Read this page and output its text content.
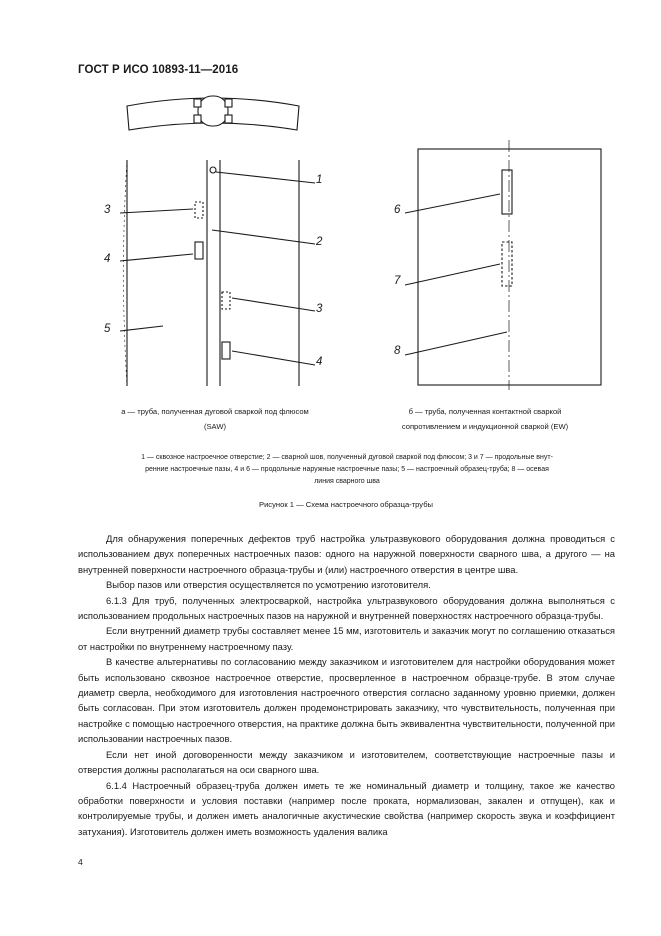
ГОСТ Р ИСО 10893-11—2016
1
2
3
4
5
3
4
6
7
8
а — труба, полученная дуговой сваркой под флюсом
(SAW)
б — труба, полученная контактной сваркой
сопротивлением и индукционной сваркой (EW)
1 — сквозное настроечное отверстие; 2 — сварной шов, полученный дуговой сваркой под флюсом; 3 и 7 — продольные внут-
ренние настроечные пазы, 4 и 6 — продольные наружные настроечные пазы; 5 — настроечный образец-труба; 8 — осевая
линия сварного шва
Рисунок 1 — Схема настроечного образца-трубы

Для обнаружения поперечных дефектов труб настройка ультразвукового оборудования должна проводиться с использованием двух поперечных настроечных пазов: одного на наружной поверхности сварного шва, а другого — на внутренней поверхности настроечного образца-трубы и (или) настроечного отверстия в центре шва.

Выбор пазов или отверстия осуществляется по усмотрению изготовителя.

6.1.3 Для труб, полученных электросваркой, настройка ультразвукового оборудования должна выполняться с использованием продольных настроечных пазов на наружной и внутренней поверхностях настроечного образца-трубы.

Если внутренний диаметр трубы составляет менее 15 мм, изготовитель и заказчик могут по соглашению отказаться от настройки по внутреннему настроечному пазу.

В качестве альтернативы по согласованию между заказчиком и изготовителем для настройки оборудования может быть использовано сквозное настроечное отверстие, просверленное в настроечном образце-трубе. В этом случае диаметр сверла, необходимого для изготовления настроечного отверстия согласно заданному уровню приемки, должен быть согласован. При этом изготовитель должен продемонстрировать заказчику, что чувствительность, полученная при настройке с помощью настроечного отверстия, на практике должна быть эквивалентна чувствительности, полученной при использовании настроечных пазов.

Если нет иной договоренности между заказчиком и изготовителем, соответствующие настроечные пазы и отверстия должны располагаться на оси сварного шва.

6.1.4 Настроечный образец-труба должен иметь те же номинальный диаметр и толщину, такое же качество обработки поверхности и условия поставки (например после проката, нормализован, закален и отпущен), как и контролируемые трубы, и должен иметь аналогичные акустические свойства (например скорость звука и коэффициент затухания). Изготовитель должен иметь возможность удаления валика

4
